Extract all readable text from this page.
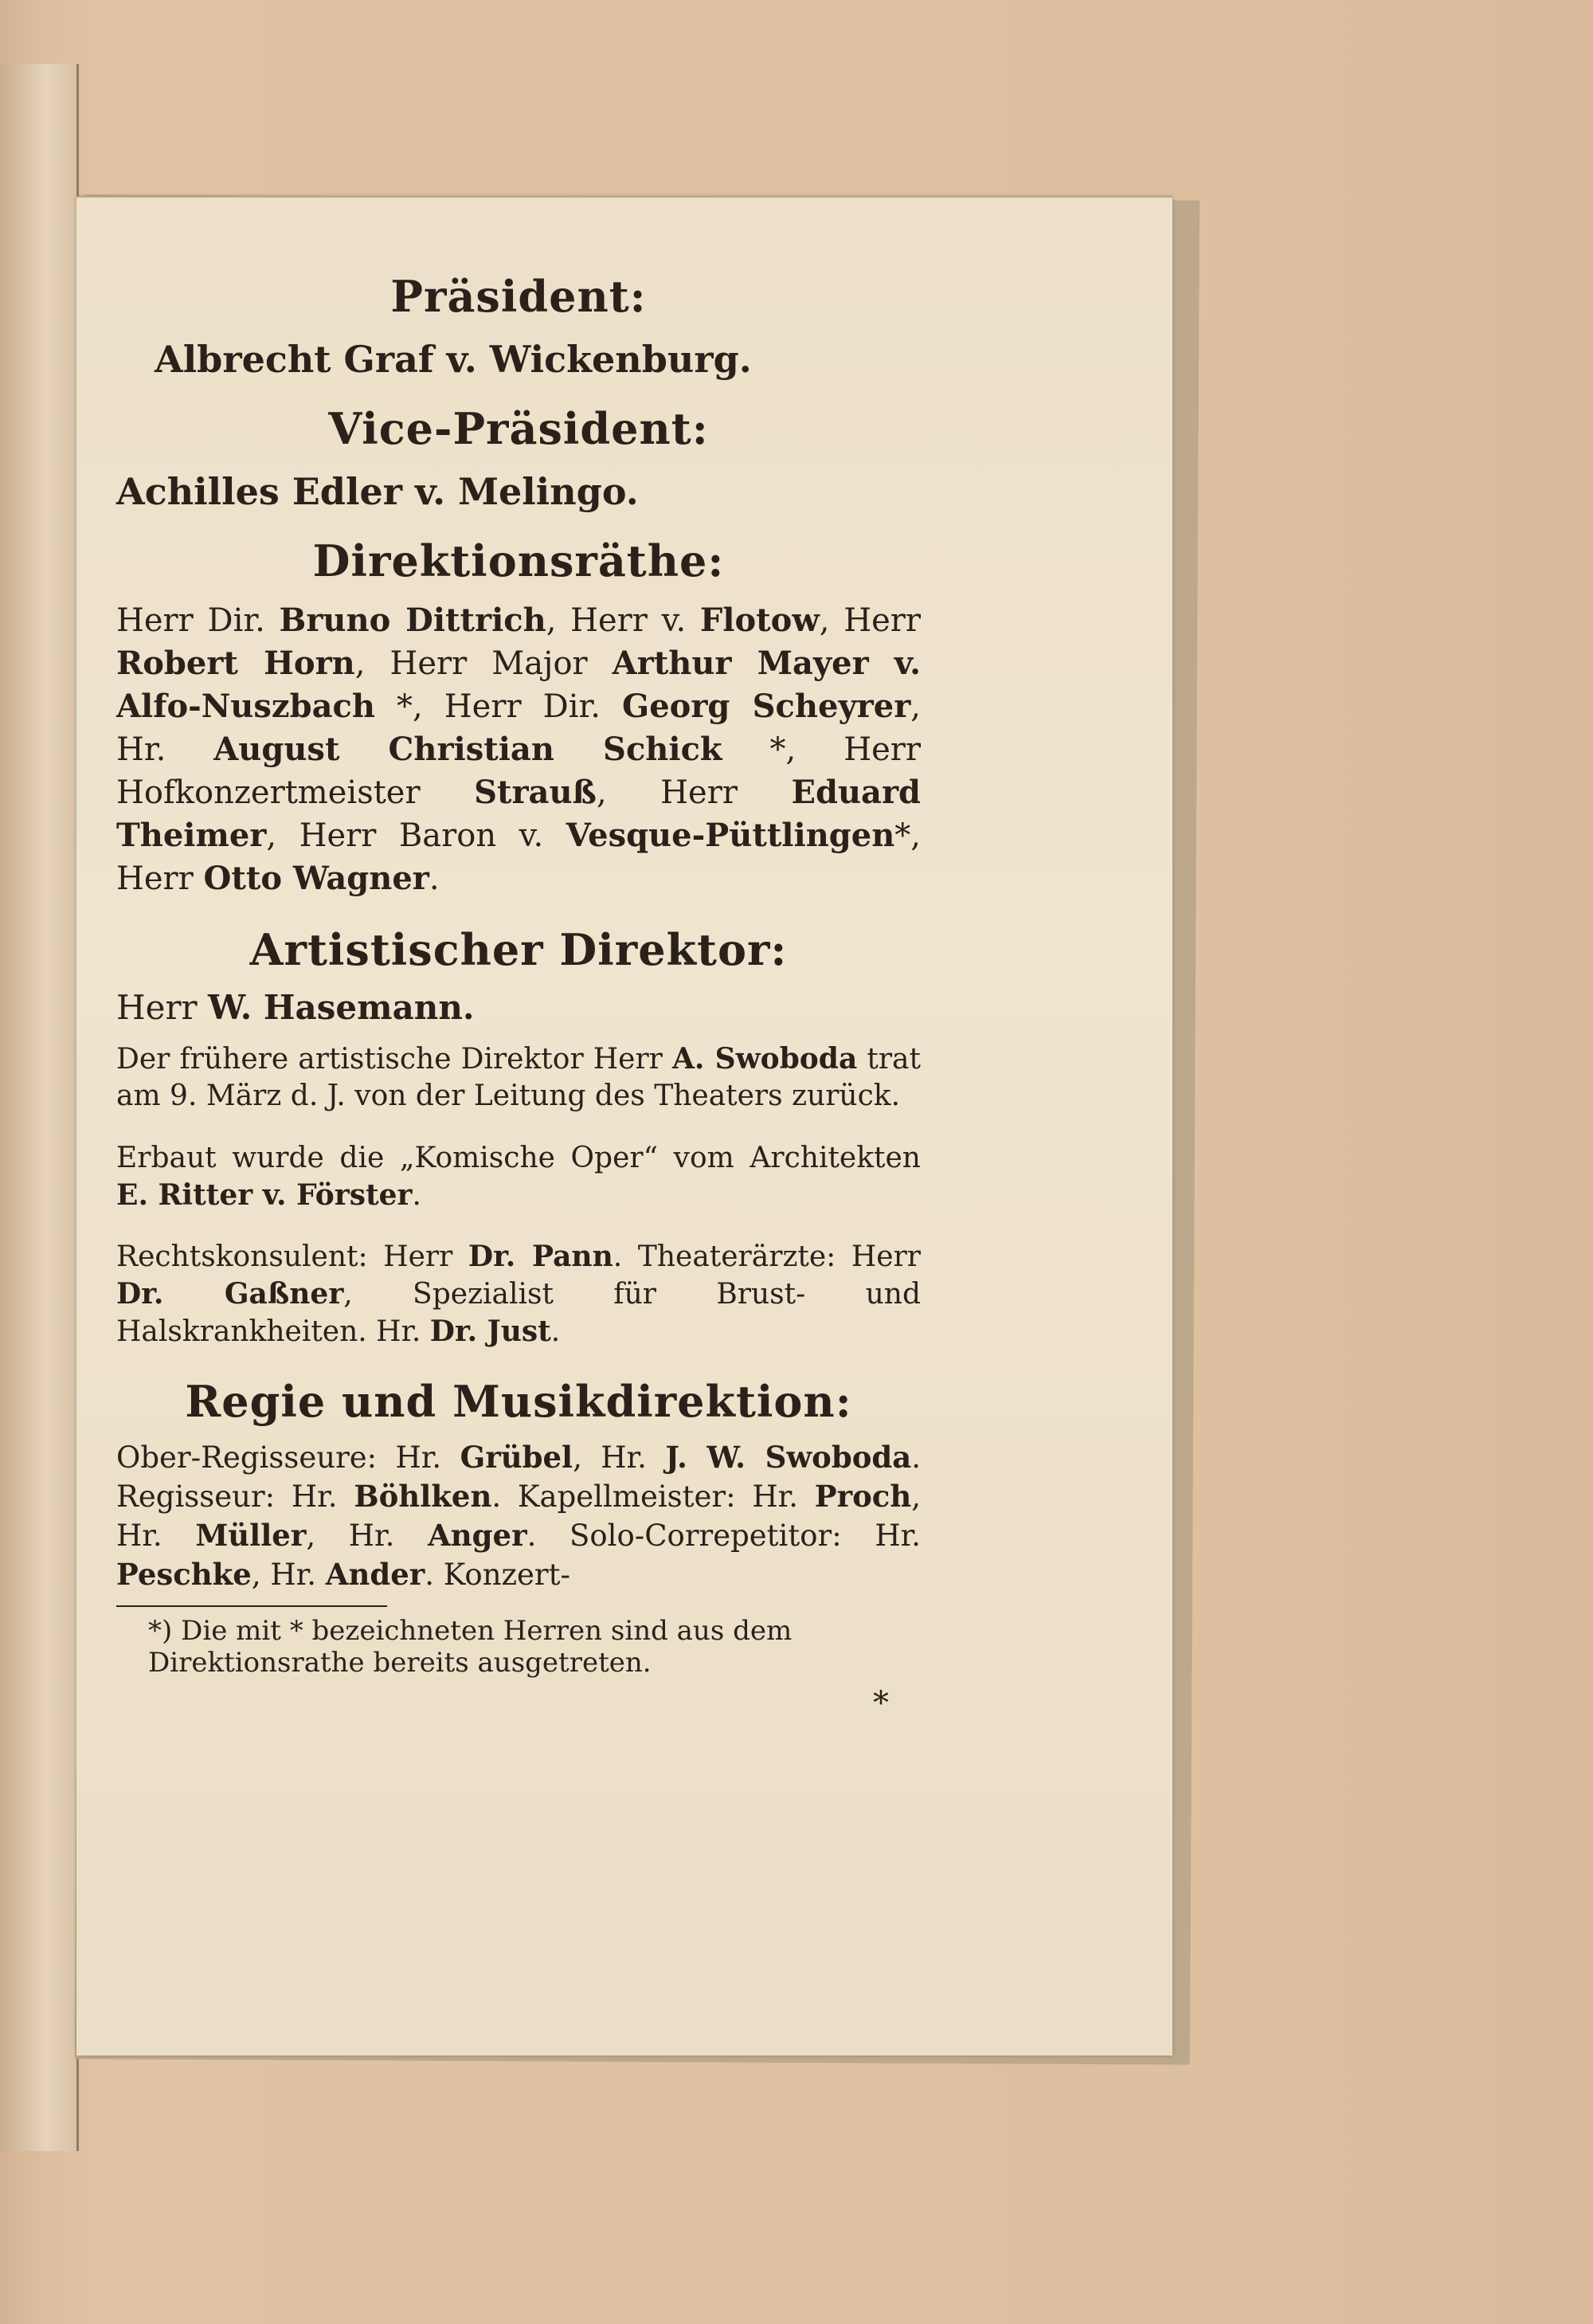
Präsident:

Albrecht Graf v. Wickenburg.

Vice-Präsident:

Achilles Edler v. Melingo.

Direktionsräthe:

Herr Dir. Bruno Dittrich, Herr v. Flotow, Herr Robert Horn, Herr Major Arthur Mayer v. Alfo-Nuszbach *, Herr Dir. Georg Scheyrer, Hr. August Christian Schick *, Herr Hofkonzertmeister Strauß, Herr Eduard Theimer, Herr Baron v. Vesque-Püttlingen*, Herr Otto Wagner.

Artistischer Direktor:

Herr W. Hasemann.

Der frühere artistische Direktor Herr A. Swoboda trat am 9. März d. J. von der Leitung des Theaters zurück.

Erbaut wurde die „Komische Oper“ vom Architekten E. Ritter v. Förster.

Rechtskonsulent: Herr Dr. Pann. Theaterärzte: Herr Dr. Gaßner, Spezialist für Brust- und Halskrankheiten. Hr. Dr. Just.

Regie und Musikdirektion:

Ober-Regisseure: Hr. Grübel, Hr. J. W. Swoboda. Regisseur: Hr. Böhlken. Kapellmeister: Hr. Proch, Hr. Müller, Hr. Anger. Solo-Correpetitor: Hr. Peschke, Hr. Ander. Konzert-

*) Die mit * bezeichneten Herren sind aus dem Direktionsrathe bereits ausgetreten.

*
